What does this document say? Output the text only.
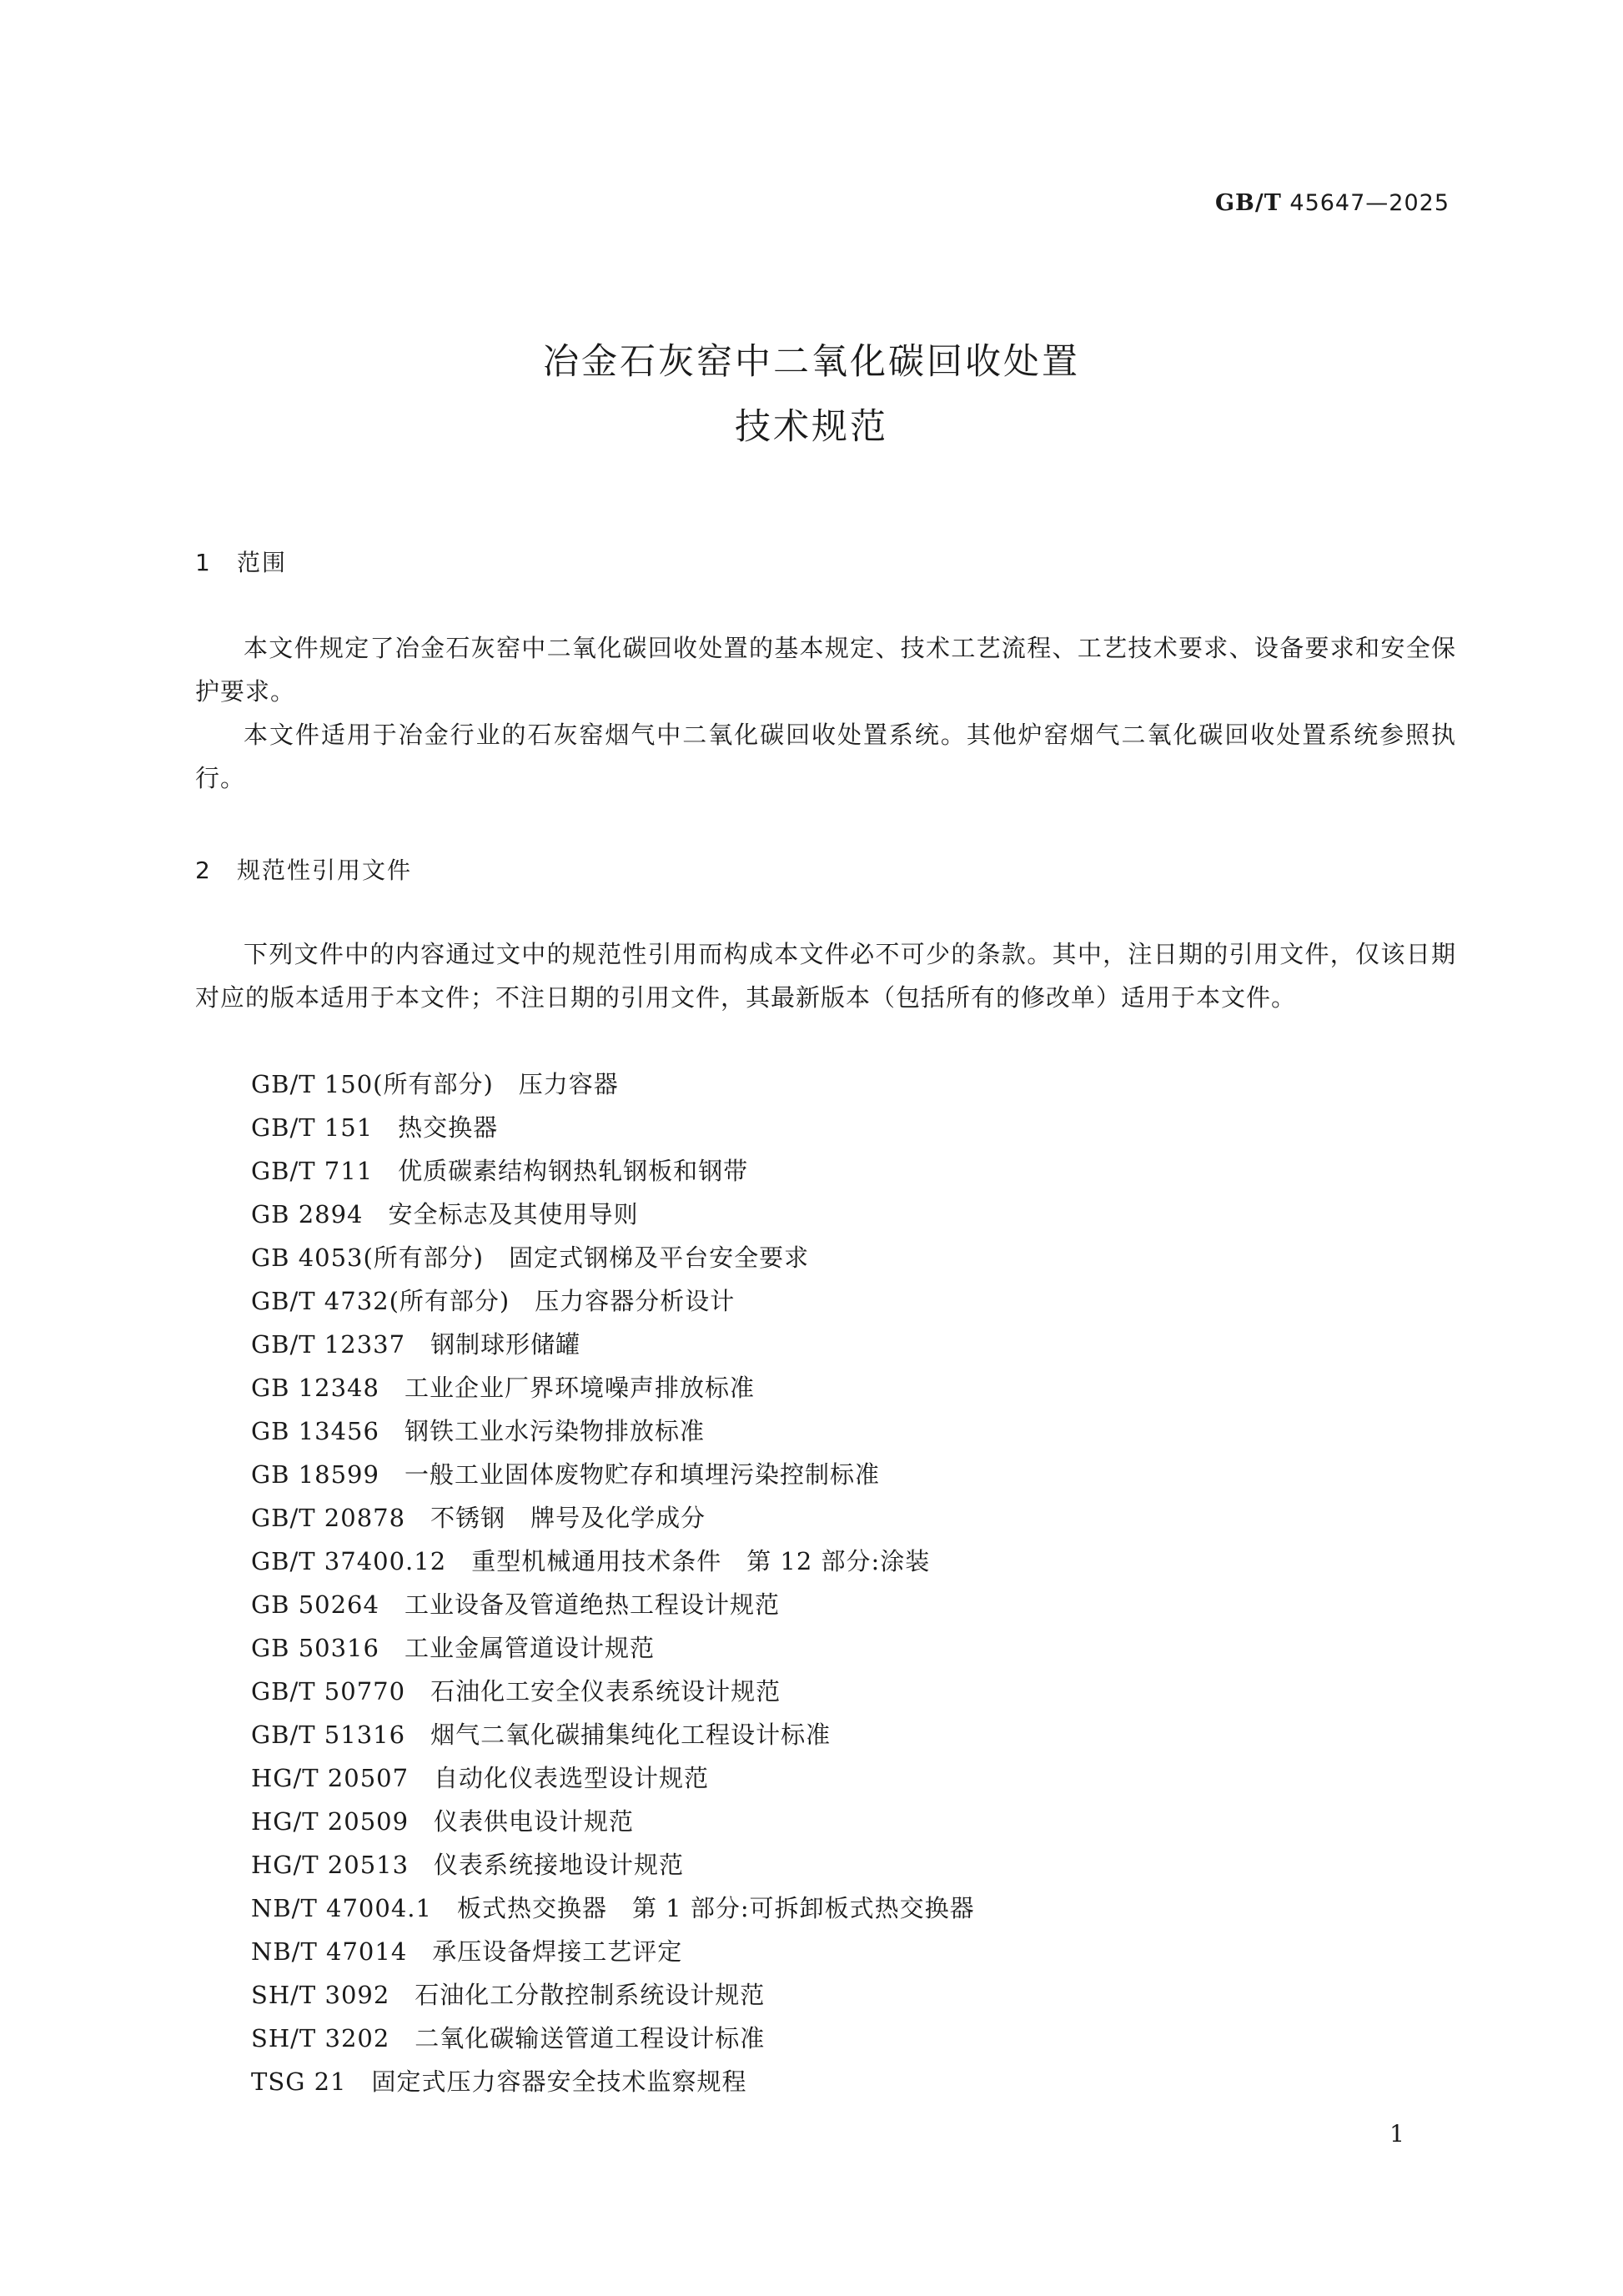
GB/T 45647—2025
冶金石灰窑中二氧化碳回收处置
技术规范
1 范围

本文件规定了冶金石灰窑中二氧化碳回收处置的基本规定、技术工艺流程、工艺技术要求、设备要求和安全保护要求。

本文件适用于冶金行业的石灰窑烟气中二氧化碳回收处置系统。其他炉窑烟气二氧化碳回收处置系统参照执行。

2 规范性引用文件

下列文件中的内容通过文中的规范性引用而构成本文件必不可少的条款。其中，注日期的引用文件，仅该日期对应的版本适用于本文件；不注日期的引用文件，其最新版本（包括所有的修改单）适用于本文件。

GB/T 150(所有部分) 压力容器
GB/T 151 热交换器
GB/T 711 优质碳素结构钢热轧钢板和钢带
GB 2894 安全标志及其使用导则
GB 4053(所有部分) 固定式钢梯及平台安全要求
GB/T 4732(所有部分) 压力容器分析设计
GB/T 12337 钢制球形储罐
GB 12348 工业企业厂界环境噪声排放标准
GB 13456 钢铁工业水污染物排放标准
GB 18599 一般工业固体废物贮存和填埋污染控制标准
GB/T 20878 不锈钢　牌号及化学成分
GB/T 37400.12 重型机械通用技术条件　第 12 部分:涂装
GB 50264 工业设备及管道绝热工程设计规范
GB 50316 工业金属管道设计规范
GB/T 50770 石油化工安全仪表系统设计规范
GB/T 51316 烟气二氧化碳捕集纯化工程设计标准
HG/T 20507 自动化仪表选型设计规范
HG/T 20509 仪表供电设计规范
HG/T 20513 仪表系统接地设计规范
NB/T 47004.1 板式热交换器　第 1 部分:可拆卸板式热交换器
NB/T 47014 承压设备焊接工艺评定
SH/T 3092 石油化工分散控制系统设计规范
SH/T 3202 二氧化碳输送管道工程设计标准
TSG 21 固定式压力容器安全技术监察规程
1
